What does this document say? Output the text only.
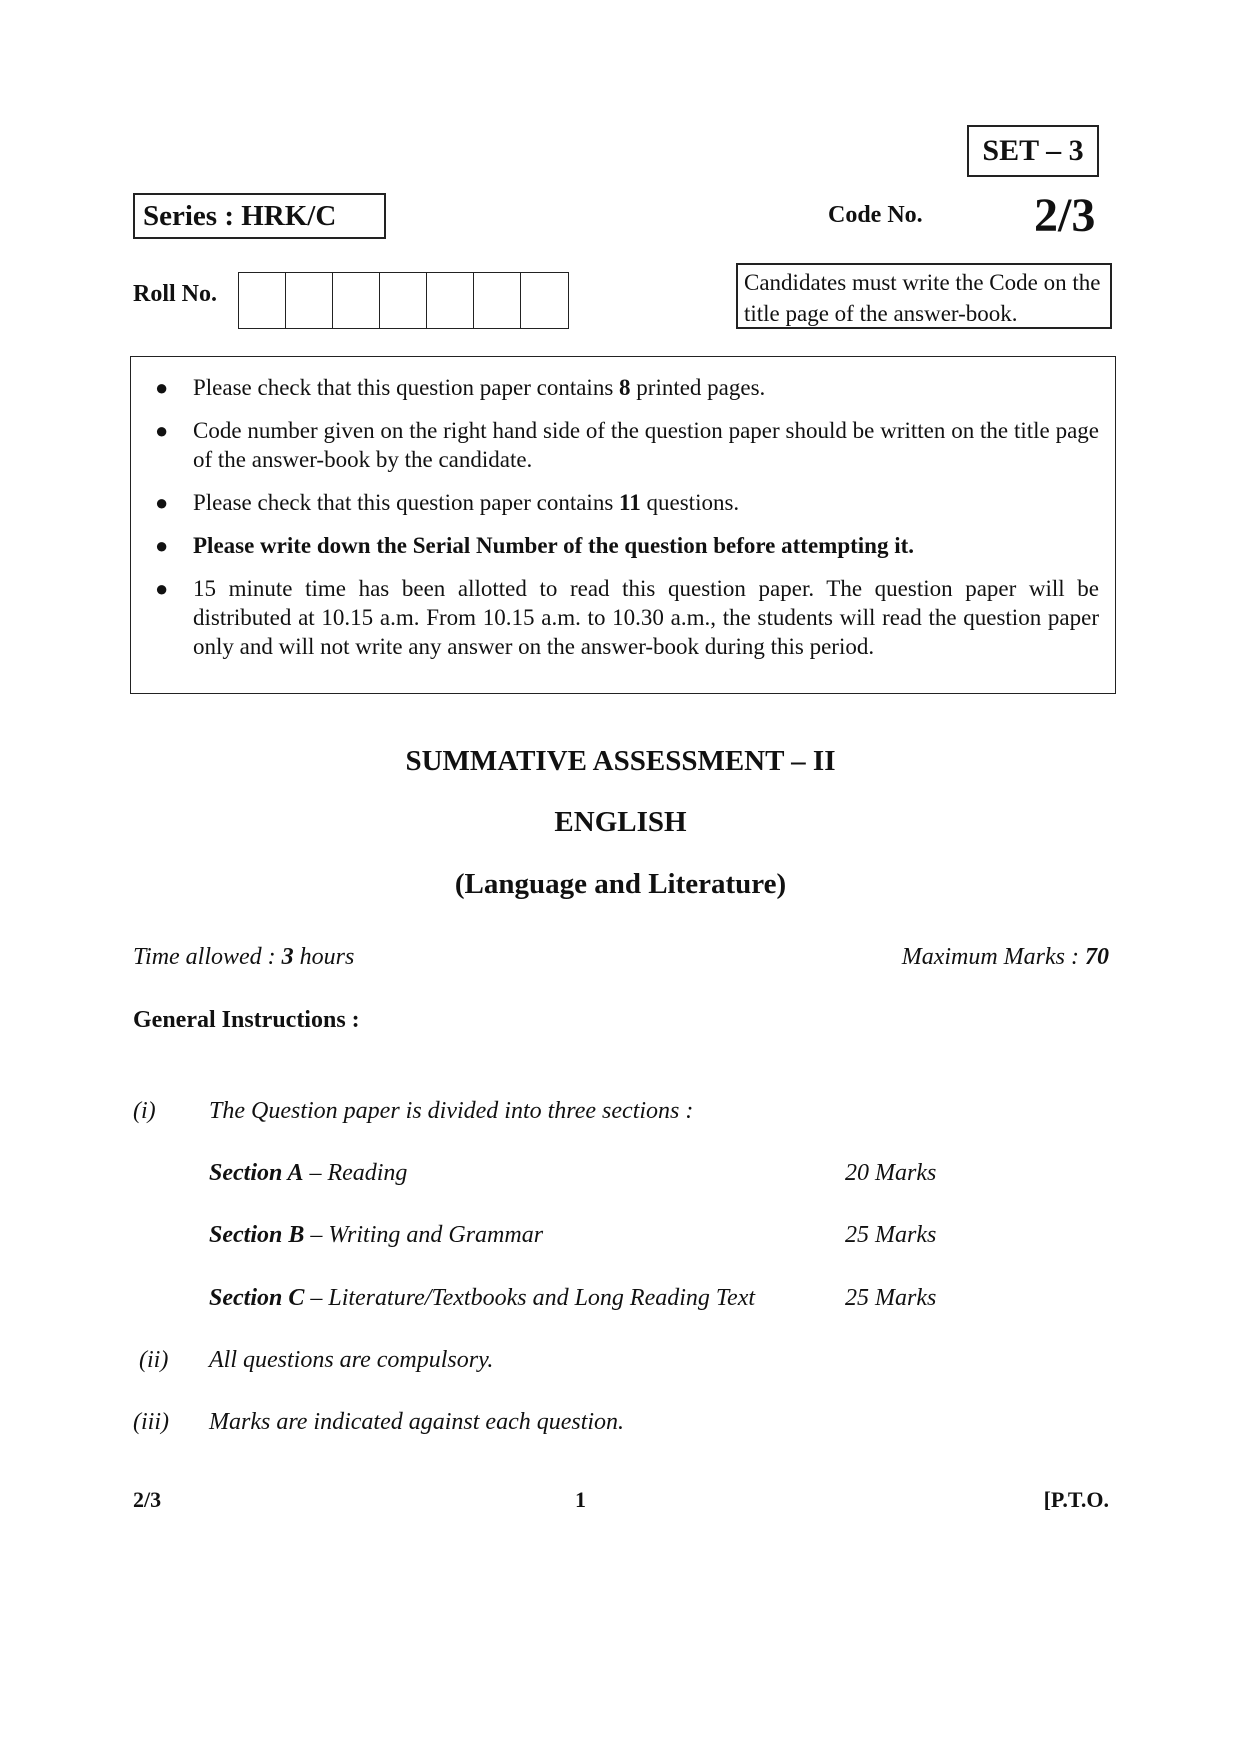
SET – 3
Series : HRK/C	Code No. 2/3
Roll No.	Candidates must write the Code on the title page of the answer-book.
● Please check that this question paper contains 8 printed pages.
● Code number given on the right hand side of the question paper should be written on the title page of the answer-book by the candidate.
● Please check that this question paper contains 11 questions.
● Please write down the Serial Number of the question before attempting it.
● 15 minute time has been allotted to read this question paper. The question paper will be distributed at 10.15 a.m. From 10.15 a.m. to 10.30 a.m., the students will read the question paper only and will not write any answer on the answer-book during this period.
SUMMATIVE ASSESSMENT – II
ENGLISH
(Language and Literature)
Time allowed : 3 hours	Maximum Marks : 70
General Instructions :
(i) The Question paper is divided into three sections :
Section A – Reading	20 Marks
Section B – Writing and Grammar	25 Marks
Section C – Literature/Textbooks and Long Reading Text	25 Marks
(ii) All questions are compulsory.
(iii) Marks are indicated against each question.
2/3	1	[P.T.O.
